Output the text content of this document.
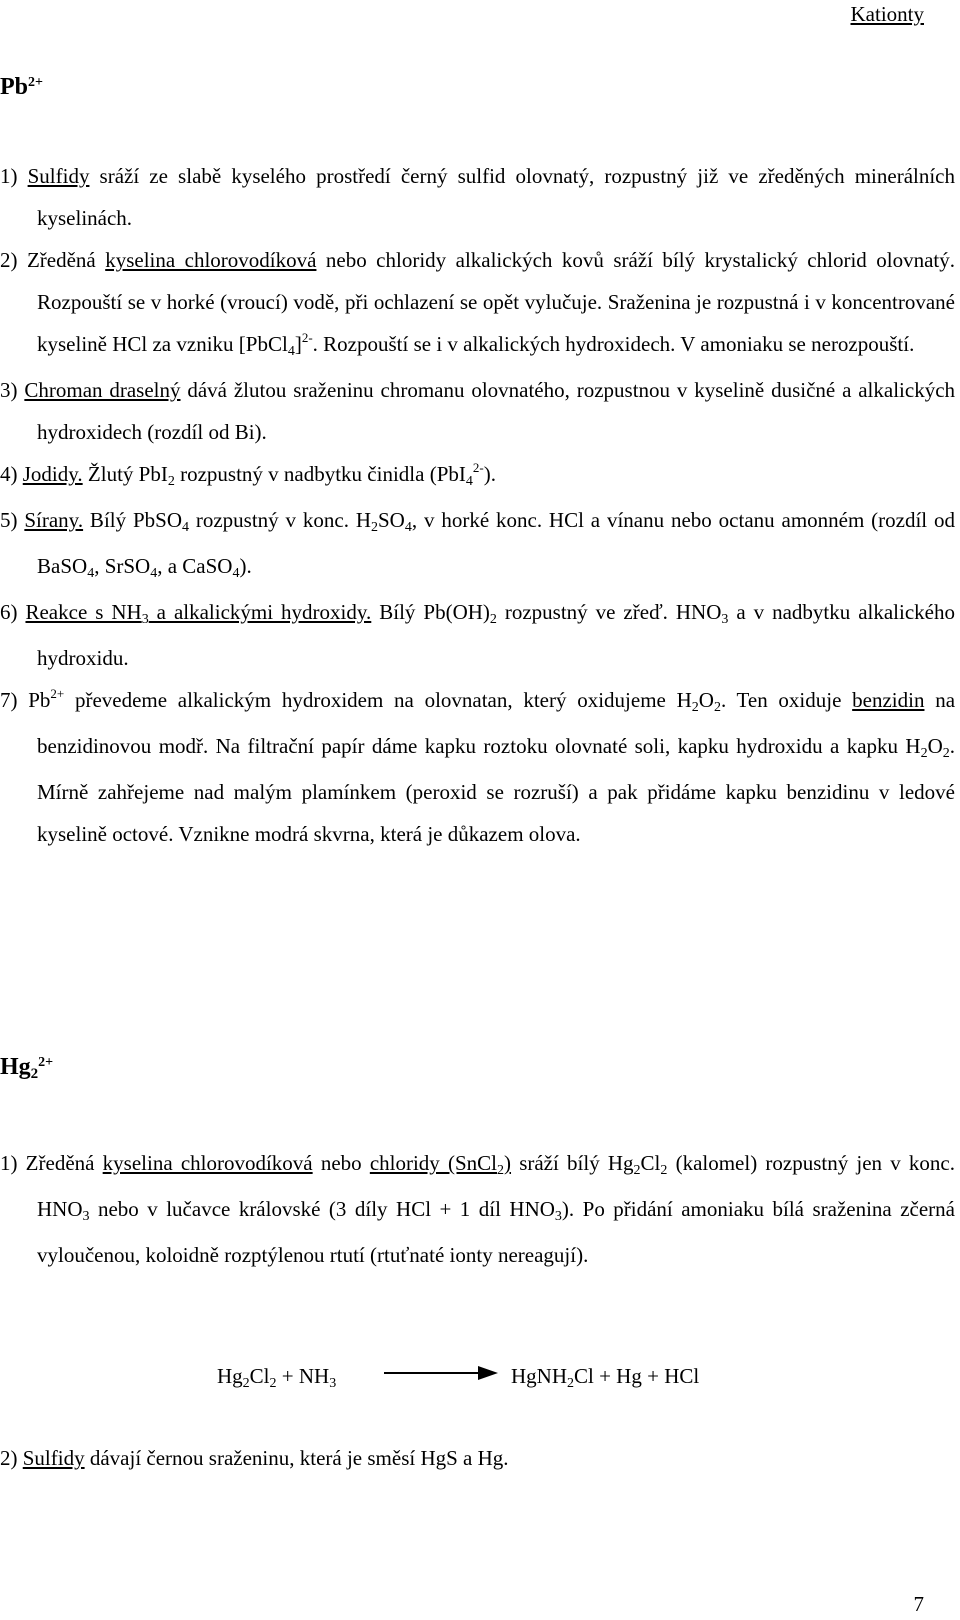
Kationty
$Pb^{2+}$

1) Sulfidy sráží ze slabě kyselého prostředí černý sulfid olovnatý, rozpustný již ve zředěných minerálních kyselinách.

2) Zředěná kyselina chlorovodíková nebo chloridy alkalických kovů sráží bílý krystalický chlorid olovnatý. Rozpouští se v horké (vroucí) vodě, při ochlazení se opět vylučuje. Sraženina je rozpustná i v koncentrované kyselině HCl za vzniku [PbCl$_4$]$^{2-}$. Rozpouští se i v alkalických hydroxidech. V amoniaku se nerozpouští.

3) Chroman draselný dává žlutou sraženinu chromanu olovnatého, rozpustnou v kyselině dusičné a alkalických hydroxidech (rozdíl od Bi).

4) Jodidy. Žlutý PbI$_2$ rozpustný v nadbytku činidla (PbI$_4^{2-}$).

5) Sírany. Bílý PbSO$_4$ rozpustný v konc. $H_2SO_4$, v horké konc. HCl a vínanu nebo octanu amonném (rozdíl od BaSO$_4$, SrSO$_4$, a CaSO$_4$).

6) Reakce s $NH_3$ a alkalickými hydroxidy. Bílý $Pb(OH)_2$ rozpustný ve zřeď. $HNO_3$ a v nadbytku alkalického hydroxidu.

7) $Pb^{2+}$ převedeme alkalickým hydroxidem na olovnatan, který oxidujeme $H_2O_2$. Ten oxiduje benzidin na benzidinovou modř. Na filtrační papír dáme kapku roztoku olovnaté soli, kapku hydroxidu a kapku $H_2O_2$. Mírně zahřejeme nad malým plamínkem (peroxid se rozruší) a pak přidáme kapku benzidinu v ledové kyselině octové. Vznikne modrá skvrna, která je důkazem olova.

$Hg_2^{2+}$

1) Zředěná kyselina chlorovodíková nebo chloridy (SnCl$_2$) sráží bílý $Hg_2Cl_2$ (kalomel) rozpustný jen v konc. $HNO_3$ nebo v lučavce královské (3 díly HCl + 1 díl $HNO_3$). Po přidání amoniaku bílá sraženina zčerná vyloučenou, koloidně rozptýlenou rtutí (rtuťnaté ionty nereagují).

$Hg_2Cl_2 + NH_3$	HgNH$_2$Cl + Hg + HCl

2) Sulfidy dávají černou sraženinu, která je směsí HgS a Hg.

7
